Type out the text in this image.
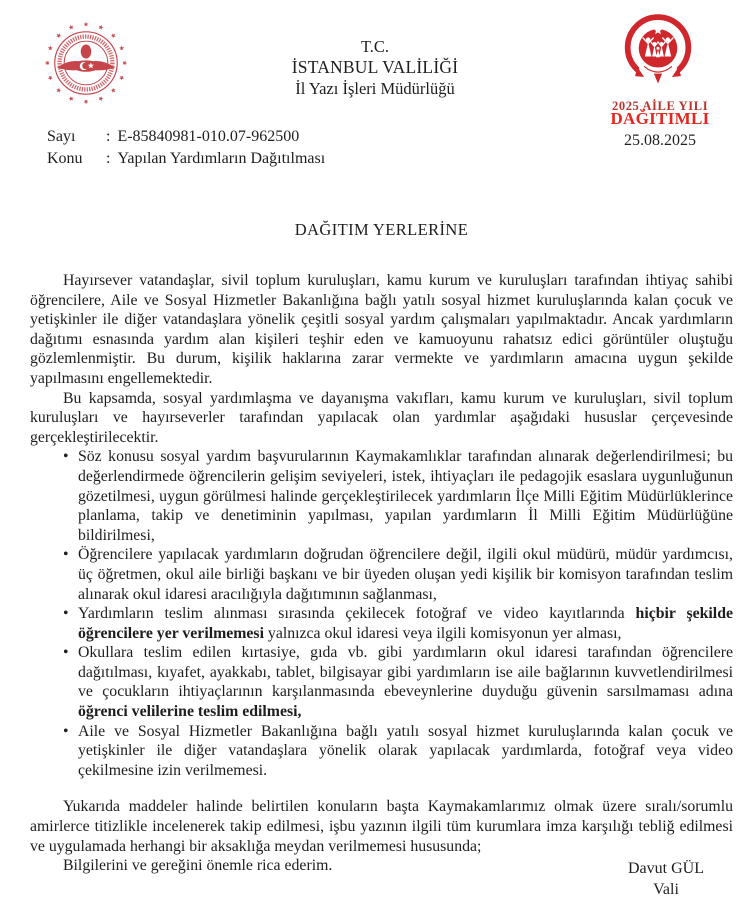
T.C.
İSTANBUL VALİLİĞİ
İl Yazı İşleri Müdürlüğü
2025 AİLE YILI
DAĞITIMLI
25.08.2025
Sayı : E-85840981-010.07-962500
Konu : Yapılan Yardımların Dağıtılması
DAĞITIM YERLERİNE

Hayırsever vatandaşlar, sivil toplum kuruluşları, kamu kurum ve kuruluşları tarafından ihtiyaç sahibi öğrencilere, Aile ve Sosyal Hizmetler Bakanlığına bağlı yatılı sosyal hizmet kuruluşlarında kalan çocuk ve yetişkinler ile diğer vatandaşlara yönelik çeşitli sosyal yardım çalışmaları yapılmaktadır. Ancak yardımların dağıtımı esnasında yardım alan kişileri teşhir eden ve kamuoyunu rahatsız edici görüntüler oluştuğu gözlemlenmiştir. Bu durum, kişilik haklarına zarar vermekte ve yardımların amacına uygun şekilde yapılmasını engellemektedir.

Bu kapsamda, sosyal yardımlaşma ve dayanışma vakıfları, kamu kurum ve kuruluşları, sivil toplum kuruluşları ve hayırseverler tarafından yapılacak olan yardımlar aşağıdaki hususlar çerçevesinde gerçekleştirilecektir.

• Söz konusu sosyal yardım başvurularının Kaymakamlıklar tarafından alınarak değerlendirilmesi; bu değerlendirmede öğrencilerin gelişim seviyeleri, istek, ihtiyaçları ile pedagojik esaslara uygunluğunun gözetilmesi, uygun görülmesi halinde gerçekleştirilecek yardımların İlçe Milli Eğitim Müdürlüklerince planlama, takip ve denetiminin yapılması, yapılan yardımların İl Milli Eğitim Müdürlüğüne bildirilmesi,
• Öğrencilere yapılacak yardımların doğrudan öğrencilere değil, ilgili okul müdürü, müdür yardımcısı, üç öğretmen, okul aile birliği başkanı ve bir üyeden oluşan yedi kişilik bir komisyon tarafından teslim alınarak okul idaresi aracılığıyla dağıtımının sağlanması,
• Yardımların teslim alınması sırasında çekilecek fotoğraf ve video kayıtlarında hiçbir şekilde öğrencilere yer verilmemesi yalnızca okul idaresi veya ilgili komisyonun yer alması,
• Okullara teslim edilen kırtasiye, gıda vb. gibi yardımların okul idaresi tarafından öğrencilere dağıtılması, kıyafet, ayakkabı, tablet, bilgisayar gibi yardımların ise aile bağlarının kuvvetlendirilmesi ve çocukların ihtiyaçlarının karşılanmasında ebeveynlerine duyduğu güvenin sarsılmaması adına öğrenci velilerine teslim edilmesi,
• Aile ve Sosyal Hizmetler Bakanlığına bağlı yatılı sosyal hizmet kuruluşlarında kalan çocuk ve yetişkinler ile diğer vatandaşlara yönelik olarak yapılacak yardımlarda, fotoğraf veya video çekilmesine izin verilmemesi.

Yukarıda maddeler halinde belirtilen konuların başta Kaymakamlarımız olmak üzere sıralı/sorumlu amirlerce titizlikle incelenerek takip edilmesi, işbu yazının ilgili tüm kurumlara imza karşılığı tebliğ edilmesi ve uygulamada herhangi bir aksaklığa meydan verilmemesi hususunda;

Bilgilerini ve gereğini önemle rica ederim.	Davut GÜL
Vali
